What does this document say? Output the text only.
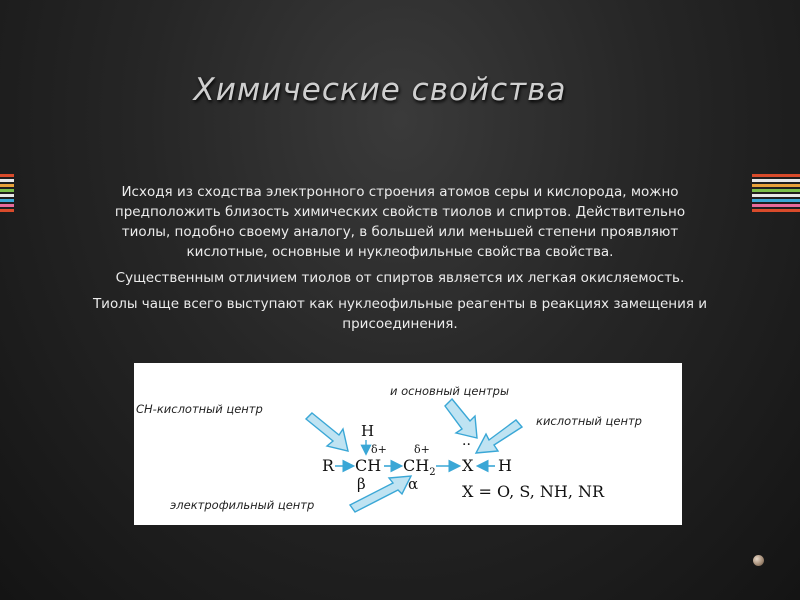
Химические свойства

Исходя из сходства электронного строения атомов серы и кислорода, можно
предположить близость химических свойств тиолов и спиртов. Действительно
тиолы, подобно своему аналогу, в большей или меньшей степени проявляют
кислотные, основные и нуклеофильные свойства свойства.

Существенным отличием тиолов от спиртов является их легкая окисляемость.

Тиолы чаще всего выступают как нуклеофильные реагенты в реакциях замещения и
присоединения.

CH-кислотный центр
и основный центры
кислотный центр
электрофильный центр
H
δ+ δ+
R CH $CH_2$
··
X H
β	α	X = O, S, NH, NR
